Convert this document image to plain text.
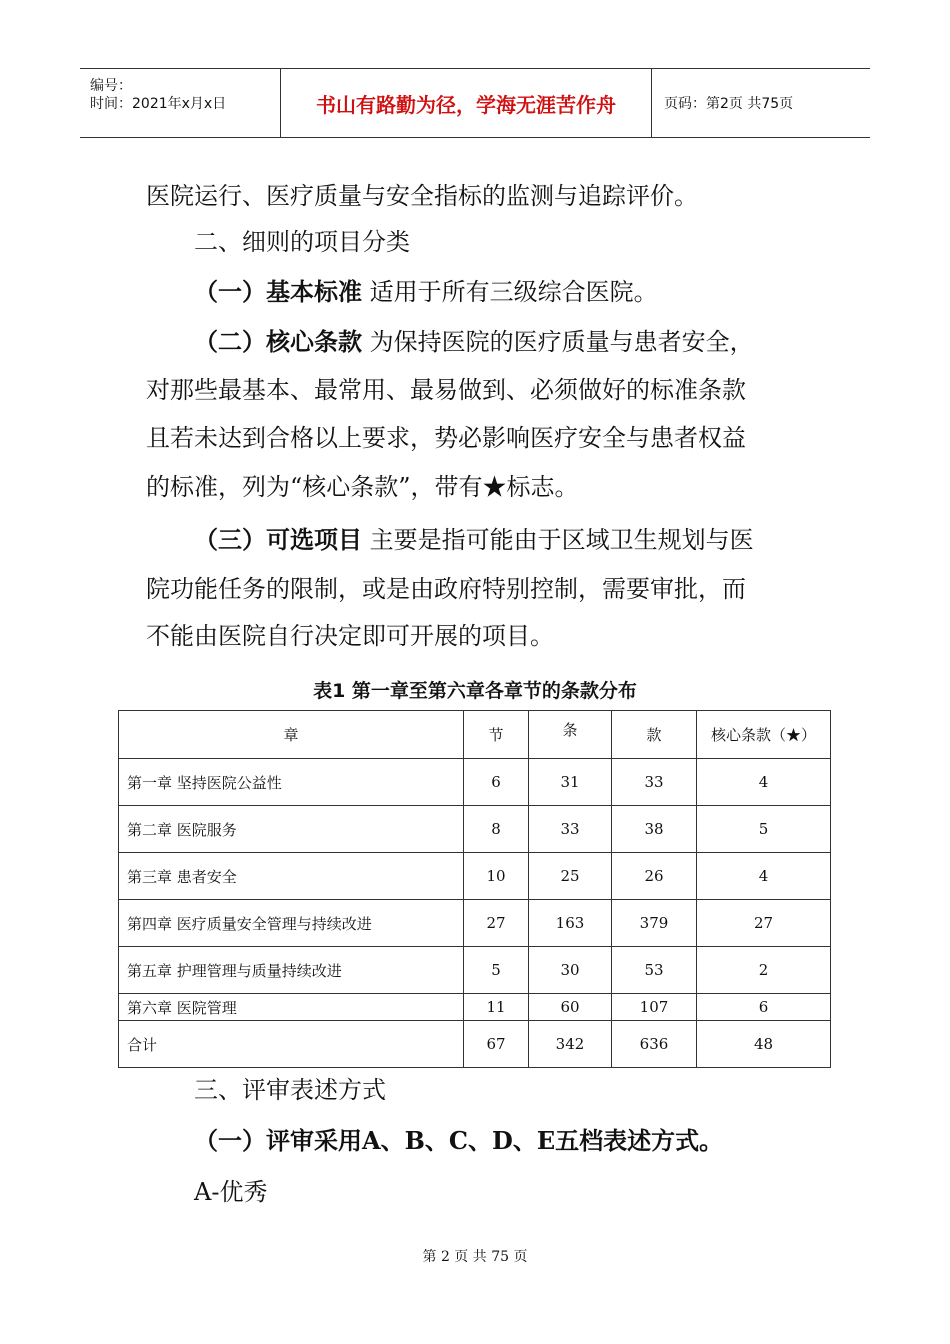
编号：
时间：2021年x月x日	书山有路勤为径，学海无涯苦作舟	页码：第2页 共75页
医院运行、医疗质量与安全指标的监测与追踪评价。
二、细则的项目分类
（一）基本标准 适用于所有三级综合医院。
（二）核心条款 为保持医院的医疗质量与患者安全，
对那些最基本、最常用、最易做到、必须做好的标准条款
且若未达到合格以上要求，势必影响医疗安全与患者权益
的标准，列为“核心条款”，带有★标志。
（三）可选项目 主要是指可能由于区域卫生规划与医
院功能任务的限制，或是由政府特别控制，需要审批，而
不能由医院自行决定即可开展的项目。
表1 第一章至第六章各章节的条款分布
章	节	条	款	核心条款（★）
第一章 坚持医院公益性	6	31	33	4
第二章 医院服务	8	33	38	5
第三章 患者安全	10	25	26	4
第四章 医疗质量安全管理与持续改进	27	163	379	27
第五章 护理管理与质量持续改进	5	30	53	2
第六章 医院管理	11	60	107	6
合计	67	342	636	48
三、评审表述方式
（一）评审采用A、B、C、D、E五档表述方式。
A-优秀
第 2 页 共 75 页
